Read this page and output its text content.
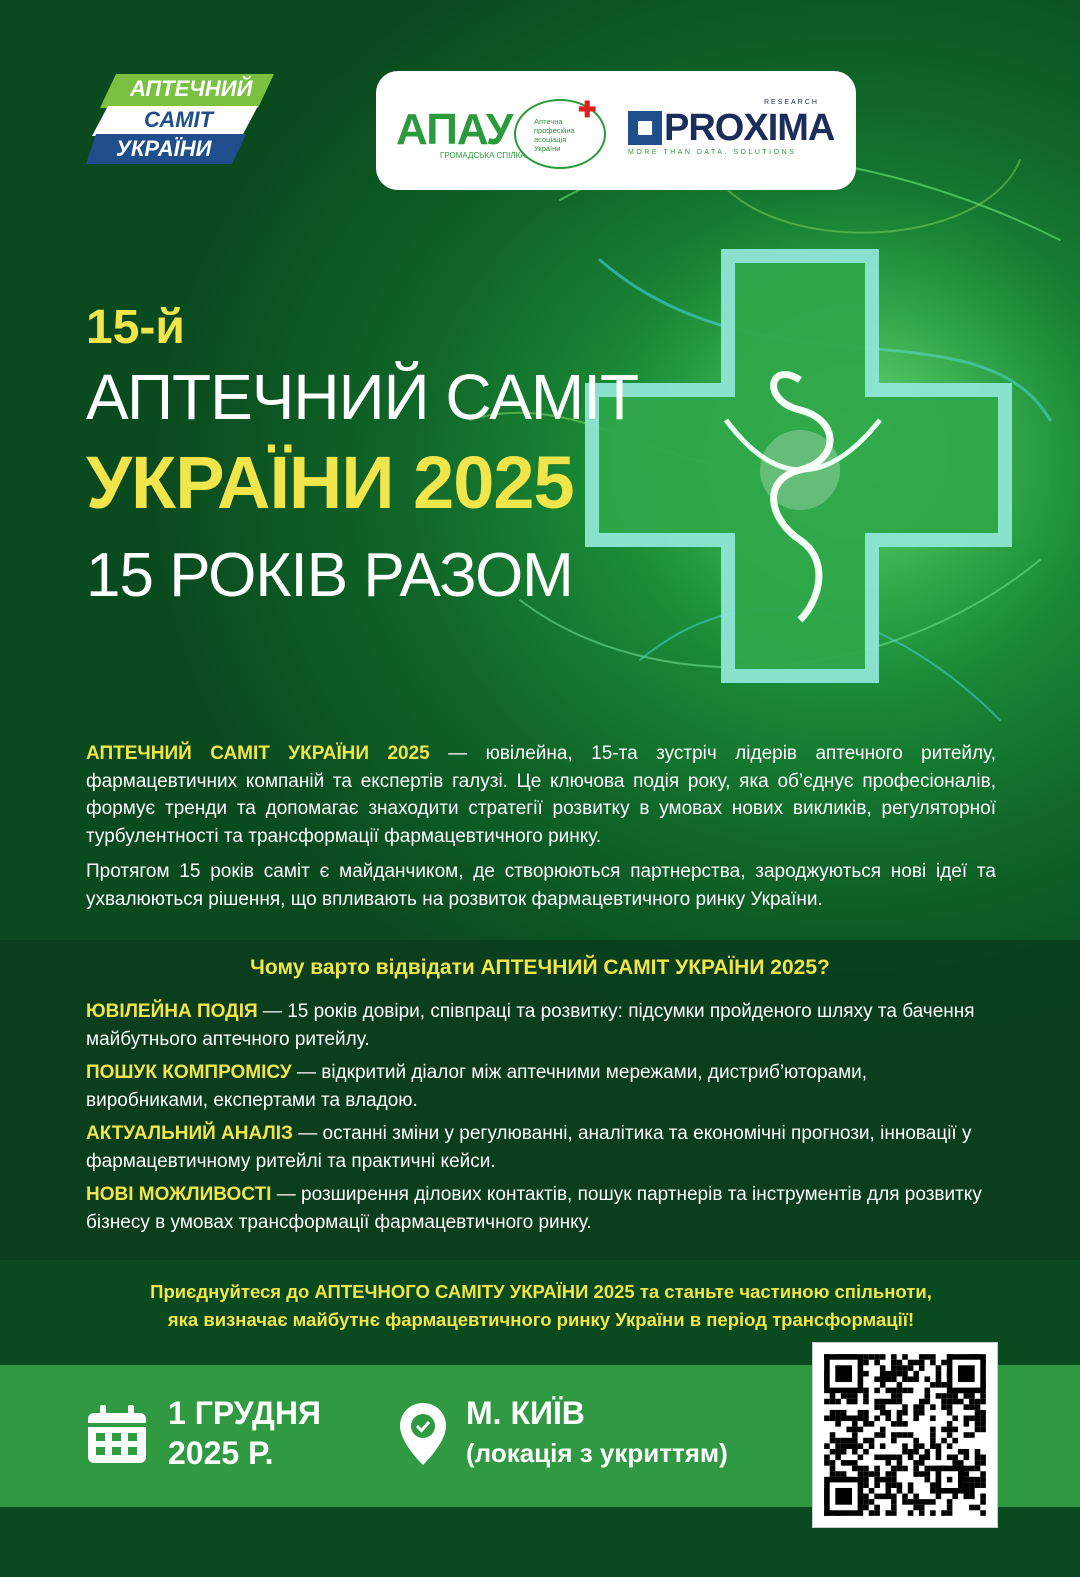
АПТЕЧНИЙ
САМІТ
УКРАЇНИ	АПАУ
ГРОМАДСЬКА СПІЛКА
✚
Аптечна професійна асоціація України	PROXIMA
RESEARCH
MORE THAN DATA. SOLUTIONS
15-й
АПТЕЧНИЙ САМІТ
УКРАЇНИ 2025
15 РОКІВ РАЗОМ

АПТЕЧНИЙ САМІТ УКРАЇНИ 2025 — ювілейна, 15-та зустріч лідерів аптечного ритейлу, фармацевтичних компаній та експертів галузі. Це ключова подія року, яка об’єднує професіоналів, формує тренди та допомагає знаходити стратегії розвитку в умовах нових викликів, регуляторної турбулентності та трансформації фармацевтичного ринку.

Протягом 15 років саміт є майданчиком, де створюються партнерства, зароджуються нові ідеї та ухвалюються рішення, що впливають на розвиток фармацевтичного ринку України.

Чому варто відвідати АПТЕЧНИЙ САМІТ УКРАЇНИ 2025?
ЮВІЛЕЙНА ПОДІЯ — 15 років довіри, співпраці та розвитку: підсумки пройденого шляху та бачення майбутнього аптечного ритейлу.
ПОШУК КОМПРОМІСУ — відкритий діалог між аптечними мережами, дистриб’юторами, виробниками, експертами та владою.
АКТУАЛЬНИЙ АНАЛІЗ — останні зміни у регулюванні, аналітика та економічні прогнози, інновації у фармацевтичному ритейлі та практичні кейси.
НОВІ МОЖЛИВОСТІ — розширення ділових контактів, пошук партнерів та інструментів для розвитку бізнесу в умовах трансформації фармацевтичного ринку.
Приєднуйтеся до АПТЕЧНОГО САМІТУ УКРАЇНИ 2025 та станьте частиною спільноти,
яка визначає майбутнє фармацевтичного ринку України в період трансформації!
1 ГРУДНЯ
2025 Р.
М. КИЇВ
(локація з укриттям)
